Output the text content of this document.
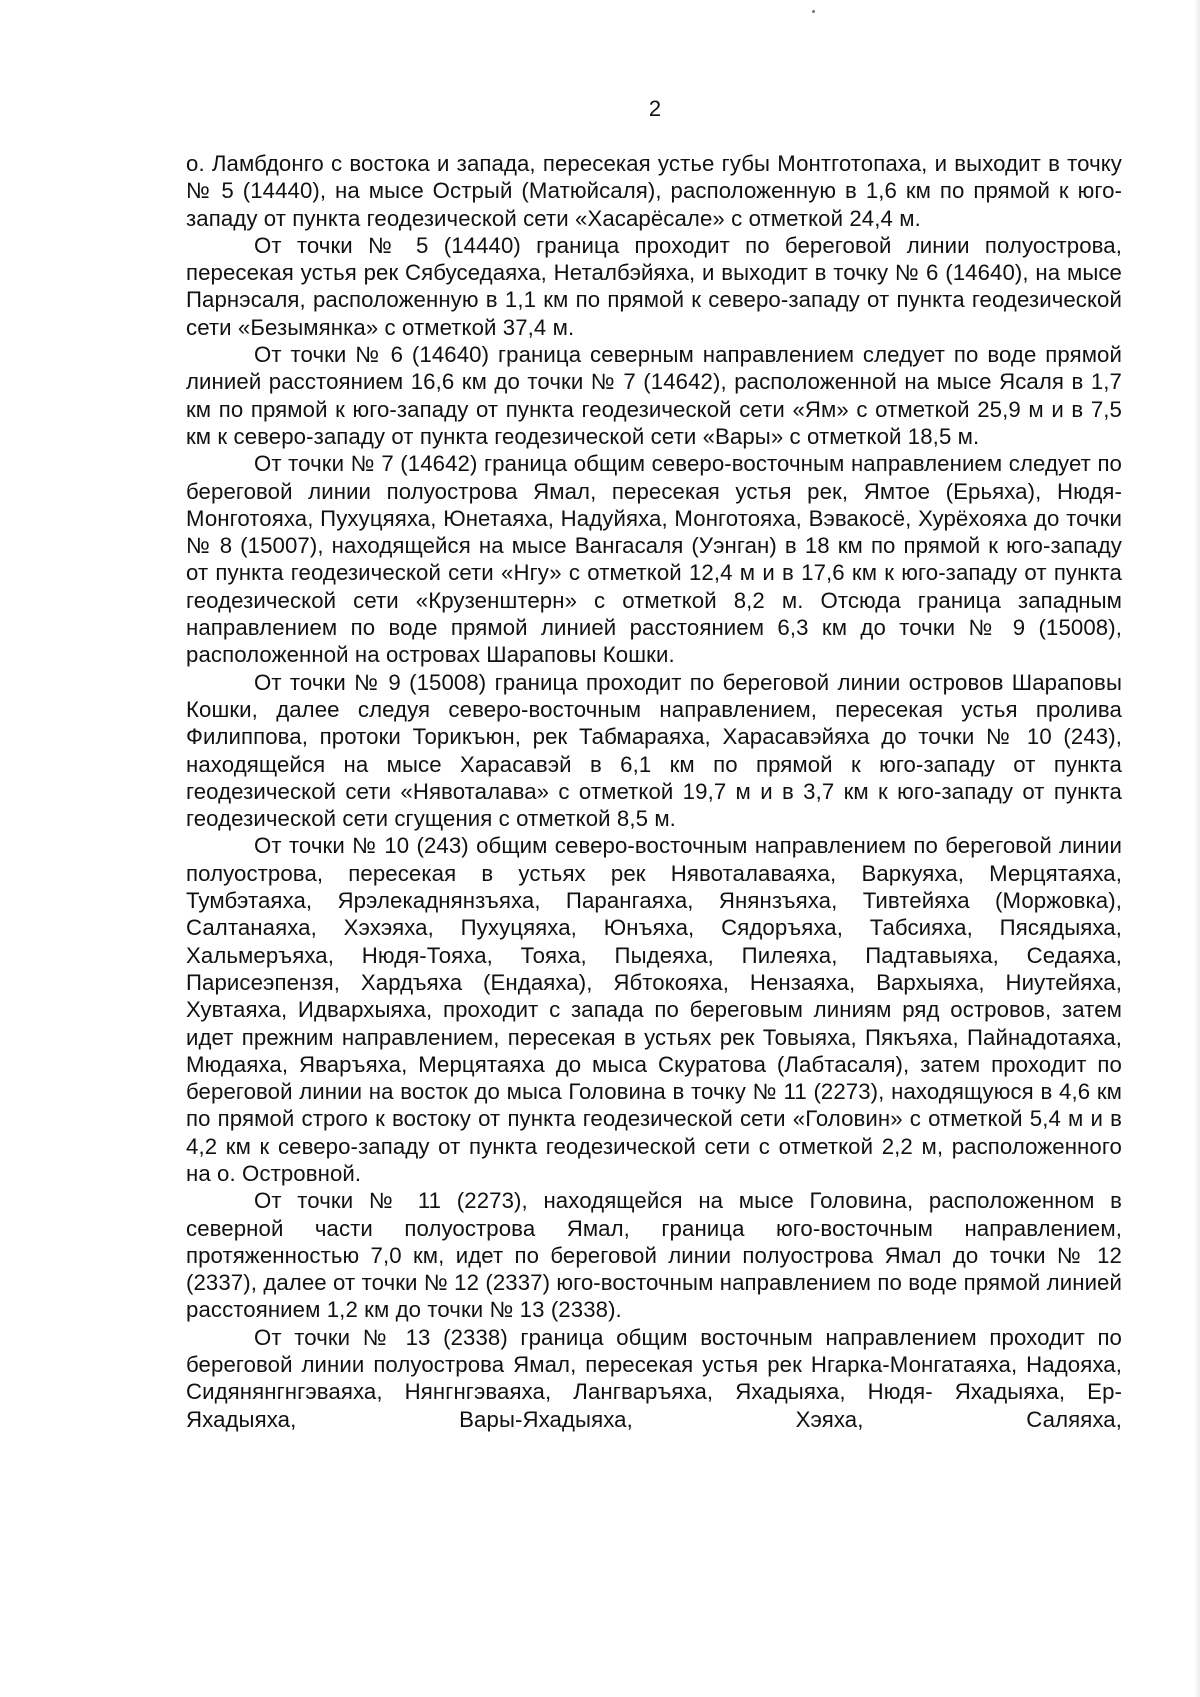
2

о. Ламбдонго с востока и запада, пересекая устье губы Монтготопаха, и выходит в точку № 5 (14440), на мысе Острый (Матюйсаля), расположенную в 1,6 км по прямой к юго-западу от пункта геодезической сети «Хасарёсале» с отметкой 24,4 м.

От точки № 5 (14440) граница проходит по береговой линии полуострова, пересекая устья рек Сябуседаяха, Неталбэйяха, и выходит в точку № 6 (14640), на мысе Парнэсаля, расположенную в 1,1 км по прямой к северо-западу от пункта геодезической сети «Безымянка» с отметкой 37,4 м.

От точки № 6 (14640) граница северным направлением следует по воде прямой линией расстоянием 16,6 км до точки № 7 (14642), расположенной на мысе Ясаля в 1,7 км по прямой к юго-западу от пункта геодезической сети «Ям» с отметкой 25,9 м и в 7,5 км к северо-западу от пункта геодезической сети «Вары» с отметкой 18,5 м.

От точки № 7 (14642) граница общим северо-восточным направлением следует по береговой линии полуострова Ямал, пересекая устья рек, Ямтое (Ерьяха), Нюдя-Монготояха, Пухуцяяха, Юнетаяха, Надуйяха, Монготояха, Вэвакосё, Хурёхояха до точки № 8 (15007), находящейся на мысе Вангасаля (Уэнган) в 18 км по прямой к юго-западу от пункта геодезической сети «Нгу» с отметкой 12,4 м и в 17,6 км к юго-западу от пункта геодезической сети «Крузенштерн» с отметкой 8,2 м. Отсюда граница западным направлением по воде прямой линией расстоянием 6,3 км до точки № 9 (15008), расположенной на островах Шараповы Кошки.

От точки № 9 (15008) граница проходит по береговой линии островов Шараповы Кошки, далее следуя северо-восточным направлением, пересекая устья пролива Филиппова, протоки Торикъюн, рек Табмараяха, Харасавэйяха до точки № 10 (243), находящейся на мысе Харасавэй в 6,1 км по прямой к юго-западу от пункта геодезической сети «Нявоталава» с отметкой 19,7 м и в 3,7 км к юго-западу от пункта геодезической сети сгущения с отметкой 8,5 м.

От точки № 10 (243) общим северо-восточным направлением по береговой линии полуострова, пересекая в устьях рек Нявоталаваяха, Варкуяха, Мерцятаяха, Тумбэтаяха, Ярэлекаднянзъяха, Парангаяха, Янянзъяха, Тивтейяха (Моржовка), Салтанаяха, Хэхэяха, Пухуцяяха, Юнъяха, Сядоръяха, Табсияха, Пясядыяха, Хальмеръяха, Нюдя-Тояха, Тояха, Пыдеяха, Пилеяха, Падтавыяха, Седаяха, Парисеэпензя, Хардъяха (Ендаяха), Ябтокояха, Нензаяха, Вархыяха, Ниутейяха, Хувтаяха, Идвархыяха, проходит с запада по береговым линиям ряд островов, затем идет прежним направлением, пересекая в устьях рек Товыяха, Пякъяха, Пайнадотаяха, Мюдаяха, Яваръяха, Мерцятаяха до мыса Скуратова (Лабтасаля), затем проходит по береговой линии на восток до мыса Головина в точку № 11 (2273), находящуюся в 4,6 км по прямой строго к востоку от пункта геодезической сети «Головин» с отметкой 5,4 м и в 4,2 км к северо-западу от пункта геодезической сети с отметкой 2,2 м, расположенного на о. Островной.

От точки № 11 (2273), находящейся на мысе Головина, расположенном в северной части полуострова Ямал, граница юго-восточным направлением, протяженностью 7,0 км, идет по береговой линии полуострова Ямал до точки № 12 (2337), далее от точки № 12 (2337) юго-восточным направлением по воде прямой линией расстоянием 1,2 км до точки № 13 (2338).

От точки № 13 (2338) граница общим восточным направлением проходит по береговой линии полуострова Ямал, пересекая устья рек Нгарка-Монгатаяха, Надояха, Сидянянгнгэваяха, Нянгнгэваяха, Лангваръяха, Яхадыяха, Нюдя- Яхадыяха, Ер-Яхадыяха, Вары-Яхадыяха, Хэяха, Саляяха,
